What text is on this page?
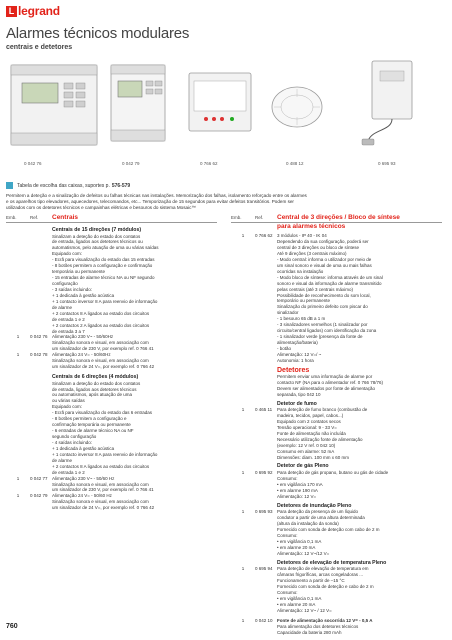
L legrand
Alarmes técnicos modulares
centrais e detetores
0 042 76	0 042 79	0 766 62	0 488 12	0 695 93
Tabela de escolha das caixas, suportes p. 576-579
Permitem a deteção e a sinalização de defeitos ou falhas técnicas nas instalações. Memorização dos falhas, isolamento reforçado entre os alarmes
e os aparelhos tipo elevadores, aquecedores, telecomandos, etc... Temporização de 15 segundos para evitar defeitos transitórios. Podem ser
utilizados com os detetores técnicos e campainhas elétricas e besouros do sistema Mosaic™
Emb.	Ref.	Centrais
Centrais de 15 direções (7 módulos)
Sinalizam a deteção do estado dos contatos
de entrada, ligados aos detetores técnicos ou
automatismos, pelo atuação de uma ou várias saídas
Equipado com:
- Ecrã para visualização do estado das 15 entradas
- 8 botões permitem a configuração e confirmação
temporária ou permanente
- 15 entradas de alarme técnico NA ou NF segundo
configuração
- 3 saídas incluindo:
+ 1 dedicada à gestão acústica
+ 1 contacto inversor 8 A para reenvio de informação
de alarme
+ 2 contactos 8 A ligados ao estado dos circuitos
de entrada 1 e 2
+ 2 contactos 2 A ligados ao estado dos circuitos
de entrada 3 a 7
1	0 042 76 Alimentação 230 V~ - 50/60Hz
Sinalização sonora e visual, em associação com
um sinalizador de 230 V, por exemplo ref. 0 766 41
1	0 042 78 Alimentação 24 V= - 50/60Hz
Sinalização sonora e visual, em associação com
um sinalizador de 24 V=, por exemplo ref. 0 766 42
Centrais de 6 direções (4 módulos)
Sinalizam a deteção do estado dos contatos
de entrada, ligados aos detetores técnicos
ou automatismos, após atuação de uma
ou várias saídas
Equipado com:
- Ecrã para visualização do estado das 6 entradas
- 8 botões permitem a configuração e
confirmação temporária ou permanente
- 6 entradas de alarme técnico NA ou NF
segundo configuração
- 4 saídas incluindo:
+ 1 dedicada à gestão acústica
+ 1 contacto inversor 8 A para reenvio de informação
de alarme
+ 2 contactos 8 A ligados ao estado dos circuitos
de entrada 1 e 2
1	0 042 77 Alimentação 230 V~ - 50/60 Hz
Sinalização sonora e visual, em associação com
um sinalizador de 230 V, por exemplo ref. 0 766 41
1	0 042 79 Alimentação 24 V= - 50/60 Hz
Sinalização sonora e visual, em associação com
um sinalizador de 24 V=, por exemplo ref. 0 766 42
Emb.	Ref.	Central de 3 direções / Bloco de síntese
para alarmes técnicos
1	0 766 62 3 módulos - IP 40 - IK 04
Dependendo da sua configuração, poderá ser
central de 3 direções ou bloco de síntese
Até 9 direções (3 centrais máximo)
- Modo central: informa o utilizador por meio de
um sinal sonoro e visual de uma ou mais falhas
ocorridas na instalação
- Modo bloco de síntese: informa através de um sinal
sonoro e visual da informação de alarme transmitido
pelas centrais (até 3 centrais máximo)
Possibilidade de reconhecimento do som local,
temporário ou permanente
Sinalização do primeiro defeito com piscar do
sinalizador
- 1 besouro 65 dB a 1 m
- 3 sinalizadores vermelhos (1 sinalizador por
circuito/central ligados) com identificação da zona
- 1 sinalizador verde (presença da fonte de
alimentação/bateria)
- botão
Alimentação: 12 V=/ ~
Autonomia: 1 hora
Detetores
Permitem enviar uma informação de alarme por
contacto NF (NA para o alimentador ref. 0 766 78/76)
Devem ser alimentados por fonte de alimentação
separada, tipo 042 10
Detetor de fumo
1	0 465 11	Para deteção de fumo branco (combustão de
madeira, tecidos, papel, cabos...)
Equipado com 2 contatos secos
Tensão operacional: 9 - 33 V=
Fonte de alimentação não incluída
Necessário utilização fonte de alimentação
(exemplo: 12 V ref. 0 042 10)
Consumo em alarme: 52 mA
Dimensões: diam. 100 mm x 60 mm
Detetor de gás Pleno
1	0 695 92 Para deteção de gás propano, butano ou gás de cidade
Consumo:
• em vigilância 170 mA
• em alarme 190 mA
Alimentação: 12 V=
Detetores de inundação Pleno
1	0 695 93 Para deteção da presença de um líquido
condutor a partir de uma altura determinada
(altura da instalação da sonda)
Fornecido com sonda de deteção com cabo de 2 m
Consumo:
• em vigilância 0,1 mA
• em alarme 20 mA
Alimentação: 12 V~/12 V=
Detetores de elevação de temperatura Pleno
1	0 695 94 Para deteção de elevação de temperatura em
câmaras frigoríficas, arcas congeladoras ...
Funcionamento a partir de –15 °C
Fornecido com sonda de deteção e cabo de 2 m
Consumo:
• em vigilância 0,1 mA
• em alarme 20 mA
Alimentação: 12 V~ / 12 V=
1	0 042 10 Fonte de alimentação socorrida 12 V= - 0,5 A
Para alimentação dos detetores técnicos
Capacidade da bateria 280 mAh
760
